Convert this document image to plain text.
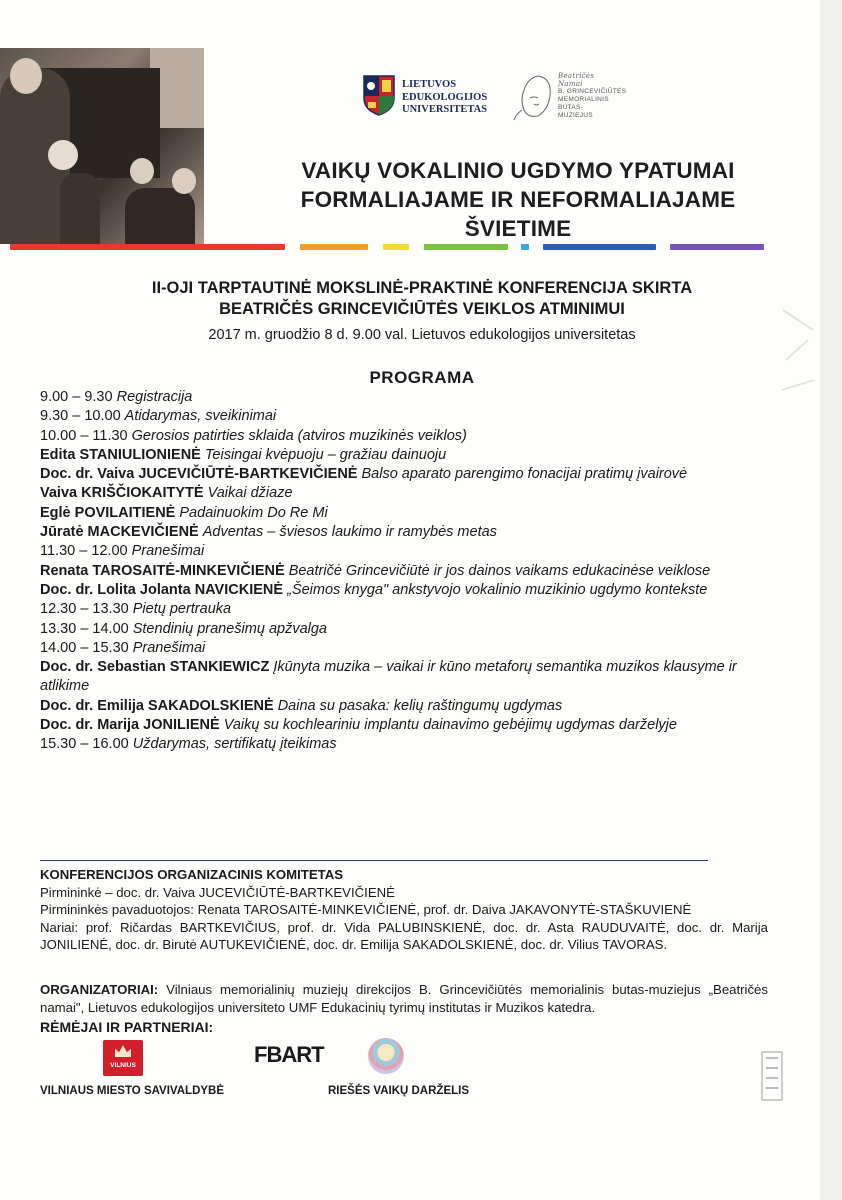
LIETUVOS
EDUKOLOGIJOS
UNIVERSITETAS
Beatričės
Namai
B. GRINCEVIČIŪTĖS
MEMORIALINIS
BUTAS-
MUZIEJUS
VAIKŲ VOKALINIO UGDYMO YPATUMAI
FORMALIAJAME IR NEFORMALIAJAME
ŠVIETIME
II-OJI TARPTAUTINĖ MOKSLINĖ-PRAKTINĖ KONFERENCIJA SKIRTA
BEATRIČĖS GRINCEVIČIŪTĖS VEIKLOS ATMINIMUI
2017 m. gruodžio 8 d. 9.00 val. Lietuvos edukologijos universitetas
PROGRAMA
9.00 – 9.30 Registracija
9.30 – 10.00 Atidarymas, sveikinimai
10.00 – 11.30 Gerosios patirties sklaida (atviros muzikinės veiklos)
Edita STANIULIONIENĖ Teisingai kvėpuoju – gražiau dainuoju
Doc. dr. Vaiva JUCEVIČIŪTĖ-BARTKEVIČIENĖ Balso aparato parengimo fonacijai pratimų įvairovė
Vaiva KRIŠČIOKAITYTĖ Vaikai džiaze
Eglė POVILAITIENĖ Padainuokim Do Re Mi
Jūratė MACKEVIČIENĖ Adventas – šviesos laukimo ir ramybės metas
11.30 – 12.00 Pranešimai
Renata TAROSAITĖ-MINKEVIČIENĖ Beatričė Grincevičiūtė ir jos dainos vaikams edukacinėse veiklose
Doc. dr. Lolita Jolanta NAVICKIENĖ „Šeimos knyga" ankstyvojo vokalinio muzikinio ugdymo kontekste
12.30 – 13.30 Pietų pertrauka
13.30 – 14.00 Stendinių pranešimų apžvalga
14.00 – 15.30 Pranešimai
Doc. dr. Sebastian STANKIEWICZ Įkūnyta muzika – vaikai ir kūno metaforų semantika muzikos klausyme ir atlikime
Doc. dr. Emilija SAKADOLSKIENĖ Daina su pasaka: kelių raštingumų ugdymas
Doc. dr. Marija JONILIENĖ Vaikų su kochleariniu implantu dainavimo gebėjimų ugdymas darželyje
15.30 – 16.00 Uždarymas, sertifikatų įteikimas
KONFERENCIJOS ORGANIZACINIS KOMITETAS
Pirmininkė – doc. dr. Vaiva JUCEVIČIŪTĖ-BARTKEVIČIENĖ
Pirmininkės pavaduotojos: Renata TAROSAITĖ-MINKEVIČIENĖ, prof. dr. Daiva JAKAVONYTĖ-STAŠKUVIENĖ
Nariai: prof. Ričardas BARTKEVIČIUS, prof. dr. Vida PALUBINSKIENĖ, doc. dr. Asta RAUDUVAITĖ, doc. dr. Marija JONILIENĖ, doc. dr. Birutė AUTUKEVIČIENĖ, doc. dr. Emilija SAKADOLSKIENĖ, doc. dr. Vilius TAVORAS.
ORGANIZATORIAI: Vilniaus memorialinių muziejų direkcijos B. Grincevičiūtės memorialinis butas-muziejus „Beatričės namai", Lietuvos edukologijos universiteto UMF Edukacinių tyrimų institutas ir Muzikos katedra.
RĖMĖJAI IR PARTNERIAI:
VILNIUS
VILNIAUS MIESTO SAVIVALDYBĖ
FBART
RIEŠĖS VAIKŲ DARŽELIS
